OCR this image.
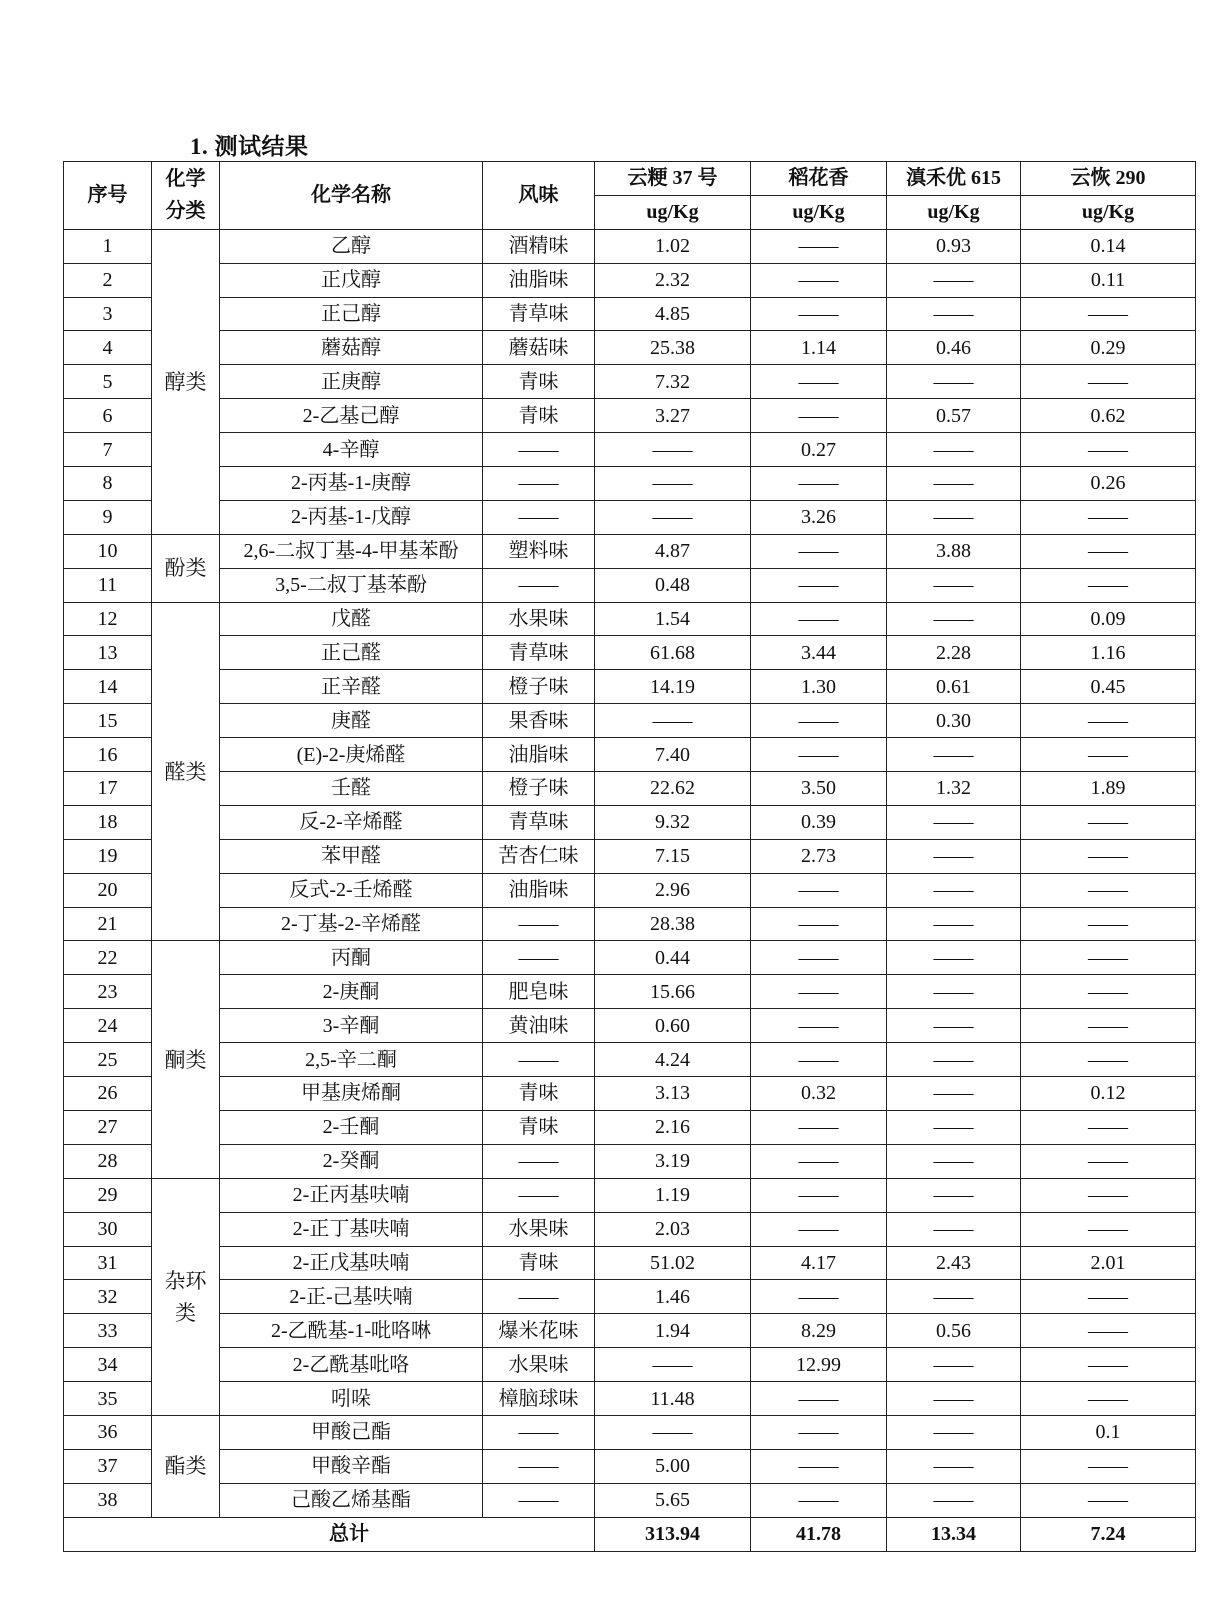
1. 测试结果
序号	化学分类	化学名称	风味	云粳 37 号	稻花香	滇禾优 615	云恢 290
				ug/Kg	ug/Kg	ug/Kg	ug/Kg
1	醇类	乙醇	酒精味	1.02	——	0.93	0.14
2		正戊醇	油脂味	2.32	——	——	0.11
3		正己醇	青草味	4.85	——	——	——
4		蘑菇醇	蘑菇味	25.38	1.14	0.46	0.29
5		正庚醇	青味	7.32	——	——	——
6		2-乙基己醇	青味	3.27	——	0.57	0.62
7		4-辛醇	——	——	0.27	——	——
8		2-丙基-1-庚醇	——	——	——	——	0.26
9		2-丙基-1-戊醇	——	——	3.26	——	——
10	酚类	2,6-二叔丁基-4-甲基苯酚	塑料味	4.87	——	3.88	——
11		3,5-二叔丁基苯酚	——	0.48	——	——	——
12	醛类	戊醛	水果味	1.54	——	——	0.09
13		正己醛	青草味	61.68	3.44	2.28	1.16
14		正辛醛	橙子味	14.19	1.30	0.61	0.45
15		庚醛	果香味	——	——	0.30	——
16		(E)-2-庚烯醛	油脂味	7.40	——	——	——
17		壬醛	橙子味	22.62	3.50	1.32	1.89
18		反-2-辛烯醛	青草味	9.32	0.39	——	——
19		苯甲醛	苦杏仁味	7.15	2.73	——	——
20		反式-2-壬烯醛	油脂味	2.96	——	——	——
21		2-丁基-2-辛烯醛	——	28.38	——	——	——
22	酮类	丙酮	——	0.44	——	——	——
23		2-庚酮	肥皂味	15.66	——	——	——
24		3-辛酮	黄油味	0.60	——	——	——
25		2,5-辛二酮	——	4.24	——	——	——
26		甲基庚烯酮	青味	3.13	0.32	——	0.12
27		2-壬酮	青味	2.16	——	——	——
28		2-癸酮	——	3.19	——	——	——
29	杂环类	2-正丙基呋喃	——	1.19	——	——	——
30		2-正丁基呋喃	水果味	2.03	——	——	——
31		2-正戊基呋喃	青味	51.02	4.17	2.43	2.01
32		2-正-己基呋喃	——	1.46	——	——	——
33		2-乙酰基-1-吡咯啉	爆米花味	1.94	8.29	0.56	——
34		2-乙酰基吡咯	水果味	——	12.99	——	——
35		吲哚	樟脑球味	11.48	——	——	——
36	酯类	甲酸己酯	——	——	——	——	0.1
37		甲酸辛酯	——	5.00	——	——	——
38		己酸乙烯基酯	——	5.65	——	——	——
总计				313.94	41.78	13.34	7.24
